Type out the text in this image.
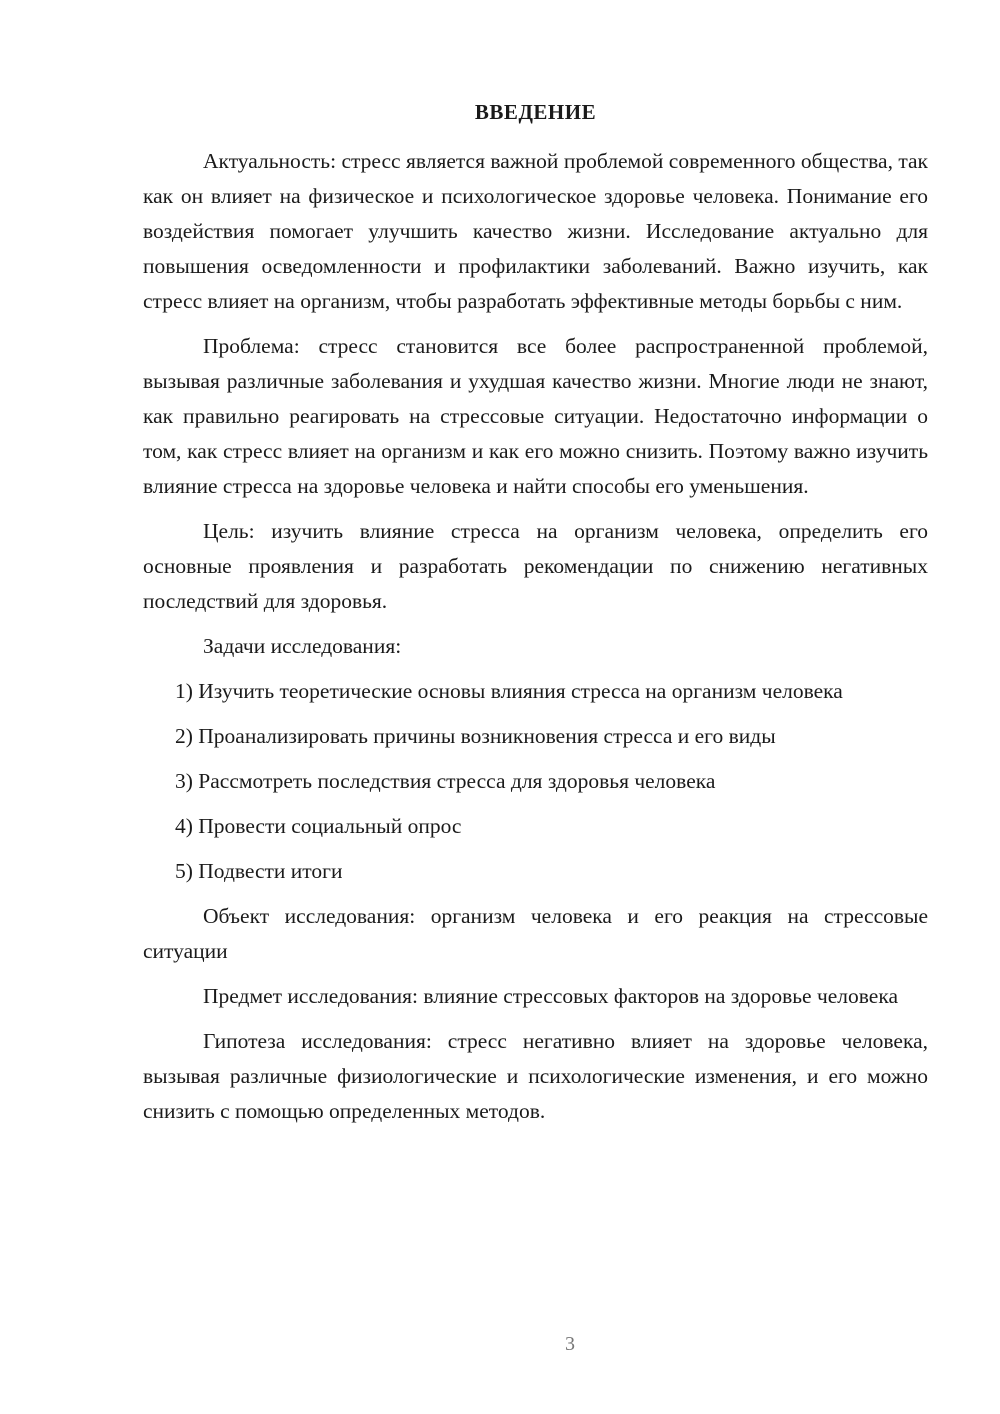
ВВЕДЕНИЕ

Актуальность: стресс является важной проблемой современного общества, так как он влияет на физическое и психологическое здоровье человека. Понимание его воздействия помогает улучшить качество жизни. Исследование актуально для повышения осведомленности и профилактики заболеваний. Важно изучить, как стресс влияет на организм, чтобы разработать эффективные методы борьбы с ним.

Проблема: стресс становится все более распространенной проблемой, вызывая различные заболевания и ухудшая качество жизни. Многие люди не знают, как правильно реагировать на стрессовые ситуации. Недостаточно информации о том, как стресс влияет на организм и как его можно снизить. Поэтому важно изучить влияние стресса на здоровье человека и найти способы его уменьшения.

Цель: изучить влияние стресса на организм человека, определить его основные проявления и разработать рекомендации по снижению негативных последствий для здоровья.

Задачи исследования:

1) Изучить теоретические основы влияния стресса на организм человека

2) Проанализировать причины возникновения стресса и его виды

3) Рассмотреть последствия стресса для здоровья человека

4) Провести социальный опрос

5) Подвести итоги

Объект исследования: организм человека и его реакция на стрессовые ситуации

Предмет исследования: влияние стрессовых факторов на здоровье человека

Гипотеза исследования: стресс негативно влияет на здоровье человека, вызывая различные физиологические и психологические изменения, и его можно снизить с помощью определенных методов.

3
